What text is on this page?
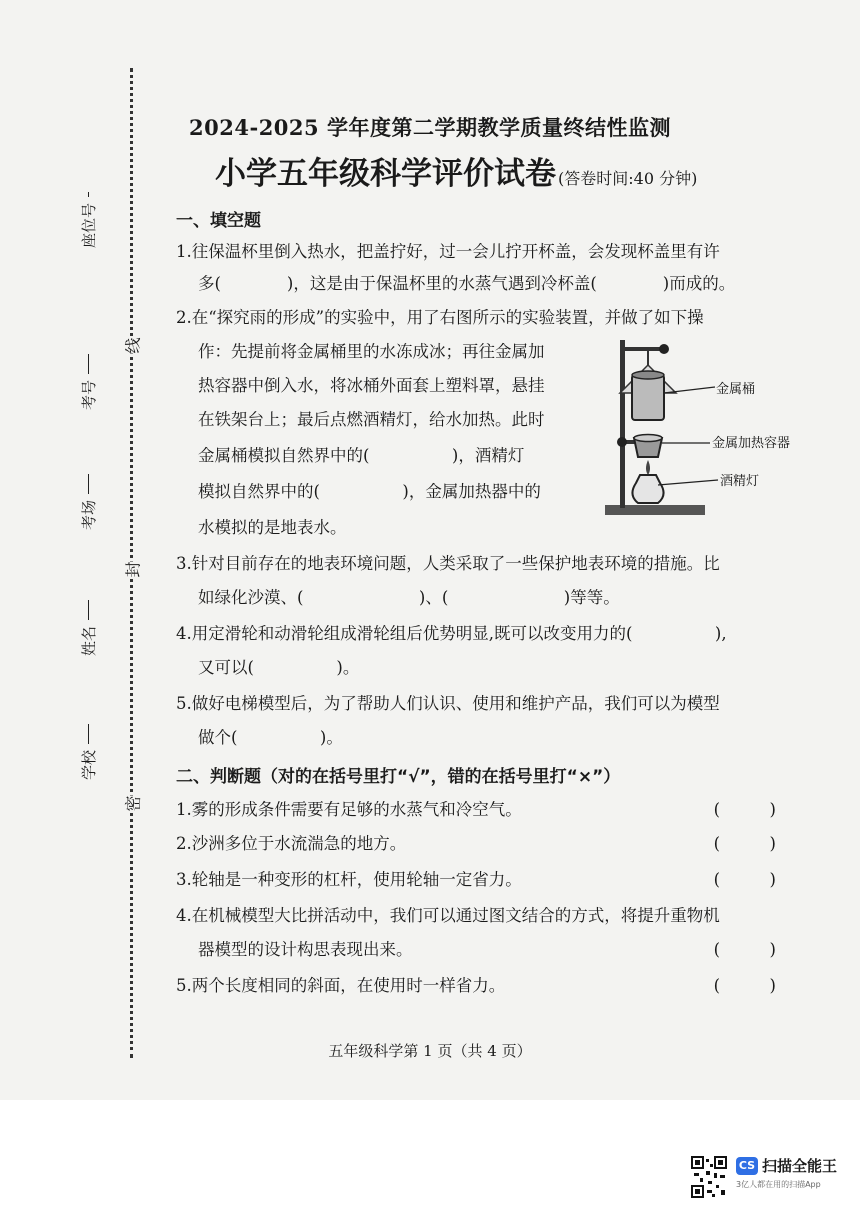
线
封
密
座位号
考号
考场
姓名
学校
2024-2025 学年度第二学期教学质量终结性监测
小学五年级科学评价试卷 (答卷时间:40 分钟)
一、填空题
1.往保温杯里倒入热水，把盖拧好，过一会儿拧开杯盖，会发现杯盖里有许
多(　　　　)，这是由于保温杯里的水蒸气遇到冷杯盖(　　　　)而成的。
2.在“探究雨的形成”的实验中，用了右图所示的实验装置，并做了如下操
作：先提前将金属桶里的水冻成冰；再往金属加
热容器中倒入水，将冰桶外面套上塑料罩，悬挂
在铁架台上；最后点燃酒精灯，给水加热。此时
金属桶模拟自然界中的(　　　　　)，酒精灯
模拟自然界中的(　　　　　)，金属加热器中的
水模拟的是地表水。
金属桶
金属加热容器
酒精灯
3.针对目前存在的地表环境问题，人类采取了一些保护地表环境的措施。比
如绿化沙漠、(　　　　　　　)、(　　　　　　　)等等。
4.用定滑轮和动滑轮组成滑轮组后优势明显,既可以改变用力的(　　　　　),
又可以(　　　　　)。
5.做好电梯模型后，为了帮助人们认识、使用和维护产品，我们可以为模型
做个(　　　　　)。
二、判断题（对的在括号里打“√”，错的在括号里打“×”）
1.雾的形成条件需要有足够的水蒸气和冷空气。	(　　　)
2.沙洲多位于水流湍急的地方。	(　　　)
3.轮轴是一种变形的杠杆，使用轮轴一定省力。	(　　　)
4.在机械模型大比拼活动中，我们可以通过图文结合的方式，将提升重物机
器模型的设计构思表现出来。	(　　　)
5.两个长度相同的斜面，在使用时一样省力。	(　　　)
五年级科学第 1 页（共 4 页）
CS 扫描全能王
3亿人都在用的扫描App
